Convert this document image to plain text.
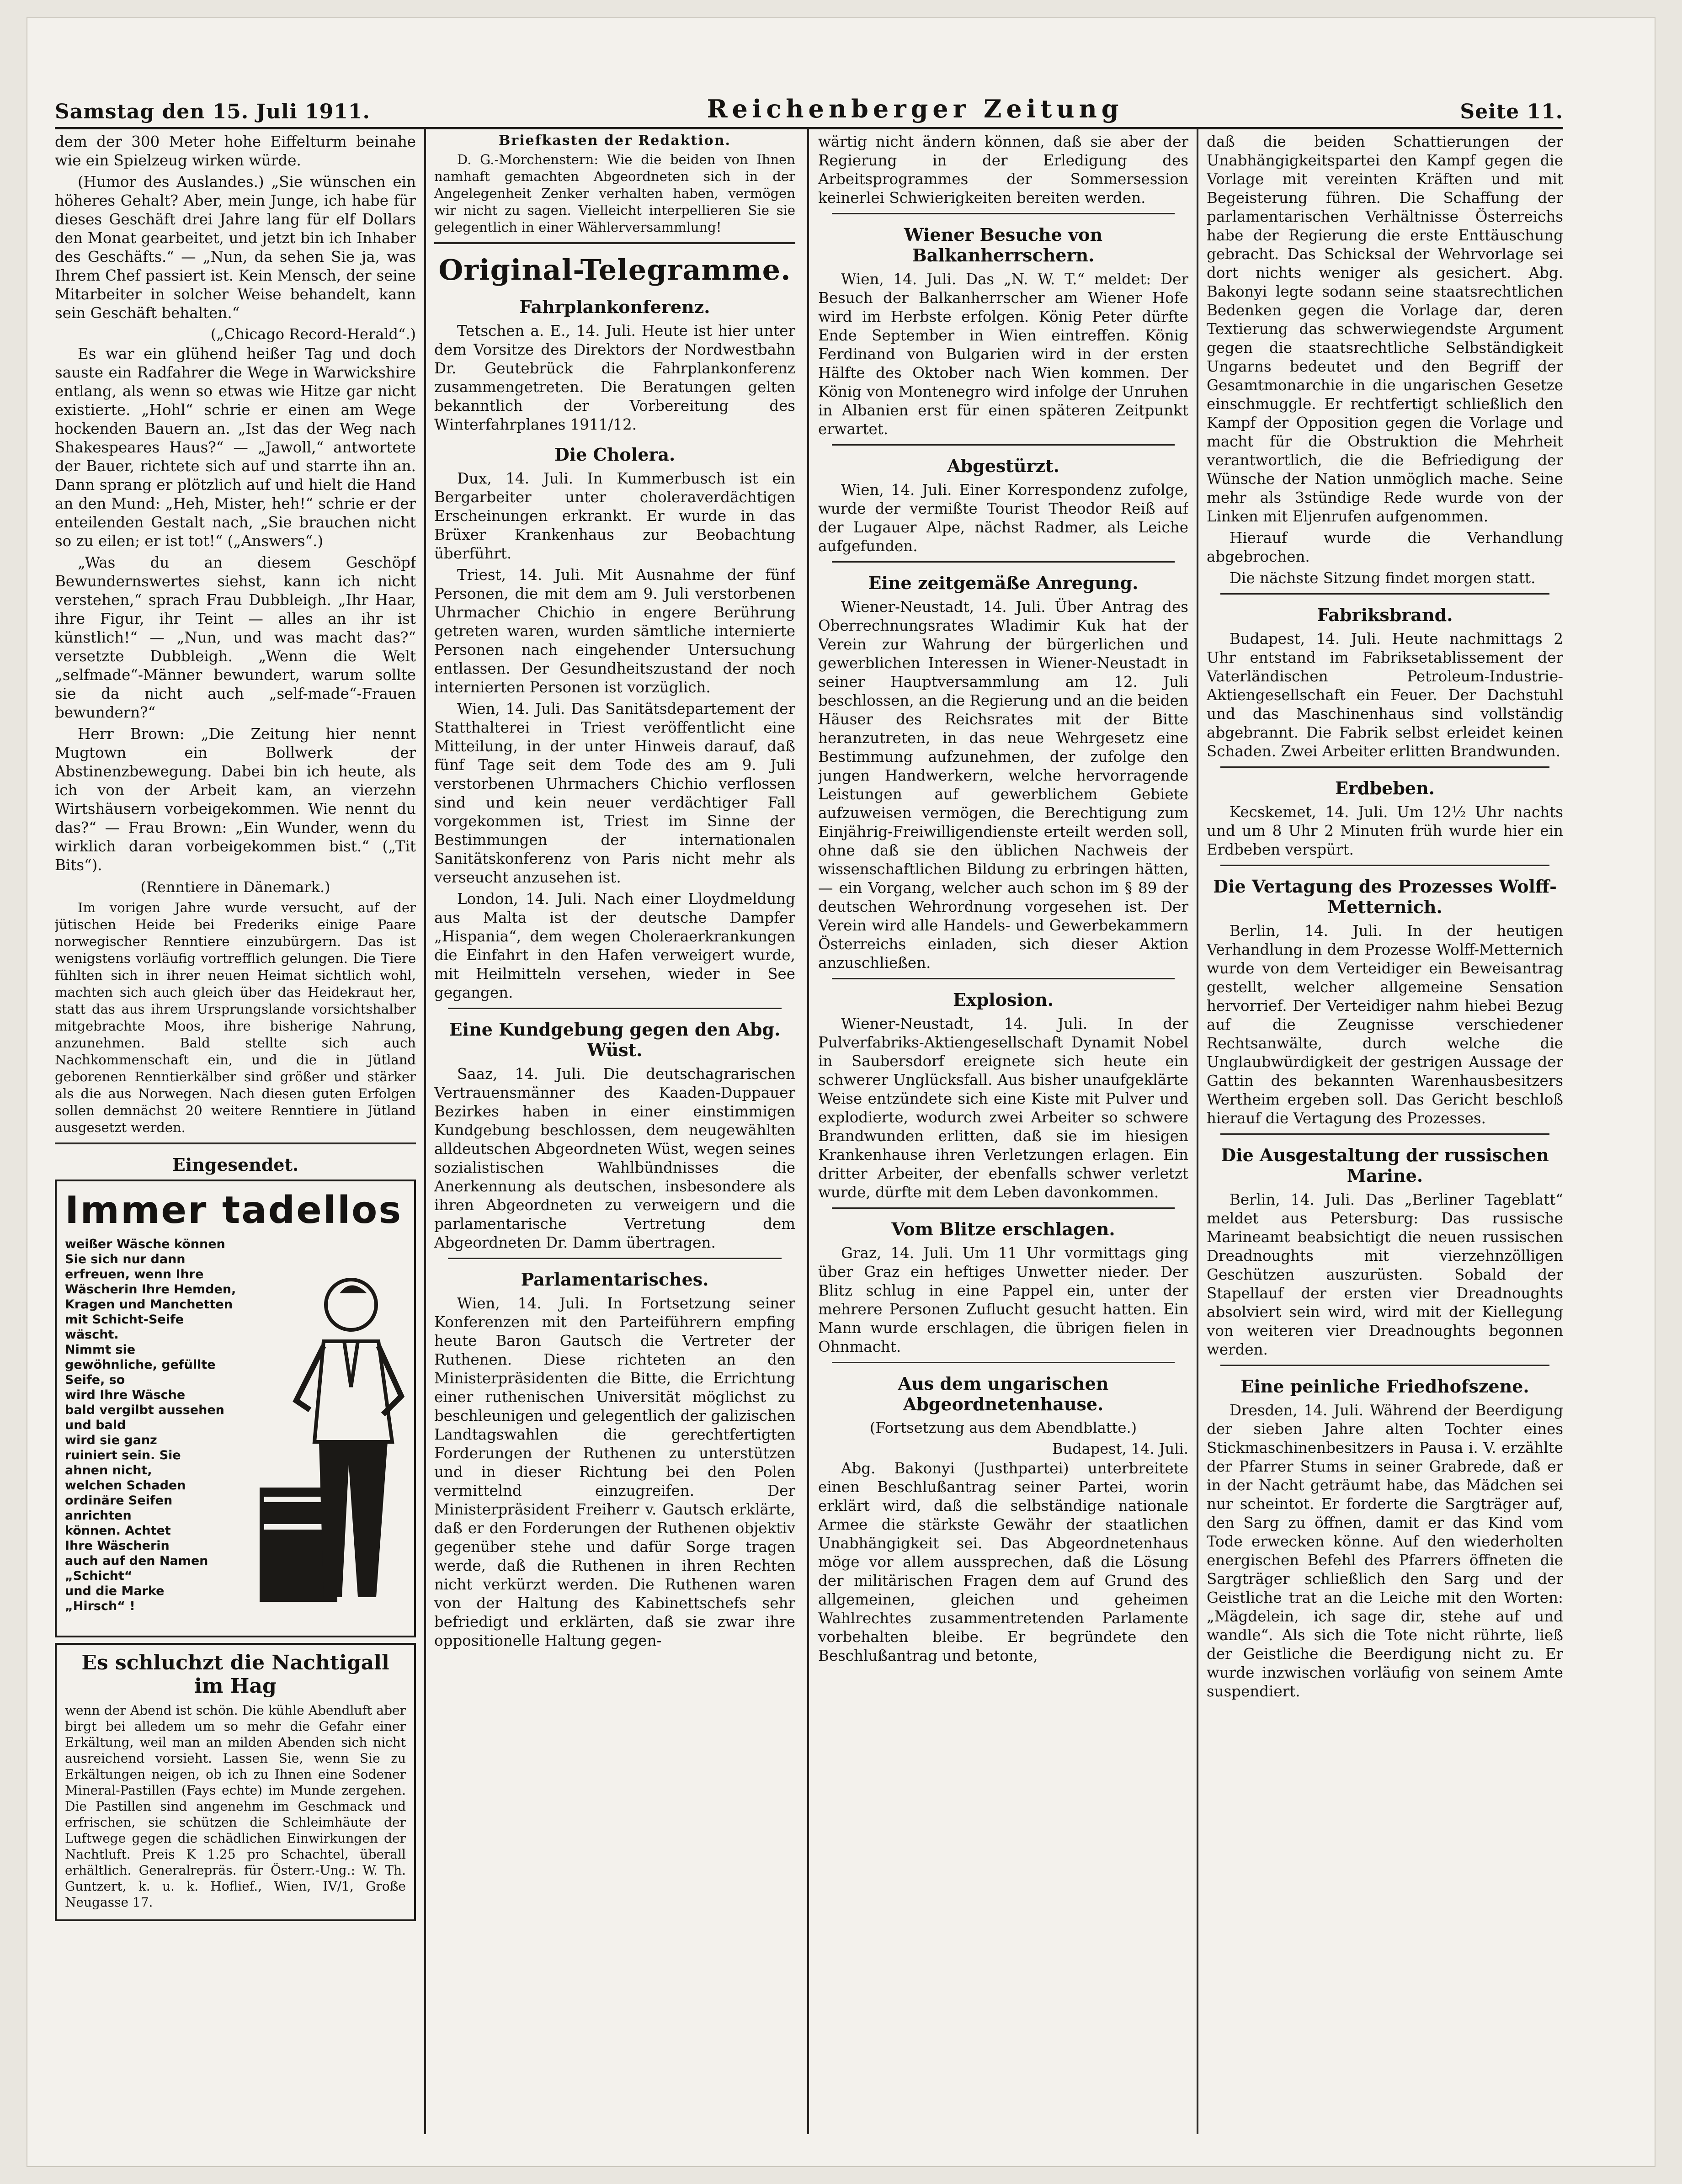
Samstag den 15. Juli 1911.	Reichenberger Zeitung	Seite 11.

dem der 300 Meter hohe Eiffelturm beinahe wie ein Spielzeug wirken würde.

(Humor des Auslandes.) „Sie wünschen ein höheres Gehalt? Aber, mein Junge, ich habe für dieses Geschäft drei Jahre lang für elf Dollars den Monat gearbeitet, und jetzt bin ich Inhaber des Geschäfts.“ — „Nun, da sehen Sie ja, was Ihrem Chef passiert ist. Kein Mensch, der seine Mitarbeiter in solcher Weise behandelt, kann sein Geschäft behalten.“

(„Chicago Record-Herald“.)

Es war ein glühend heißer Tag und doch sauste ein Radfahrer die Wege in Warwickshire entlang, als wenn so etwas wie Hitze gar nicht existierte. „Hohl“ schrie er einen am Wege hockenden Bauern an. „Ist das der Weg nach Shakespeares Haus?“ — „Jawoll,“ antwortete der Bauer, richtete sich auf und starrte ihn an. Dann sprang er plötzlich auf und hielt die Hand an den Mund: „Heh, Mister, heh!“ schrie er der enteilenden Gestalt nach, „Sie brauchen nicht so zu eilen; er ist tot!“ („Answers“.)

„Was du an diesem Geschöpf Bewundernswertes siehst, kann ich nicht verstehen,“ sprach Frau Dubbleigh. „Ihr Haar, ihre Figur, ihr Teint — alles an ihr ist künstlich!“ — „Nun, und was macht das?“ versetzte Dubbleigh. „Wenn die Welt „selfmade“-Männer bewundert, warum sollte sie da nicht auch „self-made“-Frauen bewundern?“

Herr Brown: „Die Zeitung hier nennt Mugtown ein Bollwerk der Abstinenzbewegung. Dabei bin ich heute, als ich von der Arbeit kam, an vierzehn Wirtshäusern vorbeigekommen. Wie nennt du das?“ — Frau Brown: „Ein Wunder, wenn du wirklich daran vorbeigekommen bist.“ („Tit Bits“).

(Renntiere in Dänemark.)

Im vorigen Jahre wurde versucht, auf der jütischen Heide bei Frederiks einige Paare norwegischer Renntiere einzubürgern. Das ist wenigstens vorläufig vortrefflich gelungen. Die Tiere fühlten sich in ihrer neuen Heimat sichtlich wohl, machten sich auch gleich über das Heidekraut her, statt das aus ihrem Ursprungslande vorsichtshalber mitgebrachte Moos, ihre bisherige Nahrung, anzunehmen. Bald stellte sich auch Nachkommenschaft ein, und die in Jütland geborenen Renntierkälber sind größer und stärker als die aus Norwegen. Nach diesen guten Erfolgen sollen demnächst 20 weitere Renntiere in Jütland ausgesetzt werden.

Eingesendet.
Immer tadellos
weißer Wäsche können Sie sich nur dann
erfreuen, wenn Ihre
Wäscherin Ihre Hemden,
Kragen und Manchetten
mit Schicht-Seife wäscht.
Nimmt sie
gewöhnliche, gefüllte Seife, so
wird Ihre Wäsche
bald vergilbt aussehen und bald
wird sie ganz
ruiniert sein. Sie
ahnen nicht,
welchen Schaden
ordinäre Seifen
anrichten
können. Achtet
Ihre Wäscherin
auch auf den Namen „Schicht“
und die Marke
„Hirsch“ !
Es schluchzt die Nachtigall im Hag

wenn der Abend ist schön. Die kühle Abendluft aber birgt bei alledem um so mehr die Gefahr einer Erkältung, weil man an milden Abenden sich nicht ausreichend vorsieht. Lassen Sie, wenn Sie zu Erkältungen neigen, ob ich zu Ihnen eine Sodener Mineral-Pastillen (Fays echte) im Munde zergehen. Die Pastillen sind angenehm im Geschmack und erfrischen, sie schützen die Schleimhäute der Luftwege gegen die schädlichen Einwirkungen der Nachtluft. Preis K 1.25 pro Schachtel, überall erhältlich. Generalrepräs. für Österr.-Ung.: W. Th. Guntzert, k. u. k. Hoflief., Wien, IV/1, Große Neugasse 17.

Briefkasten der Redaktion.

D. G.-Morchenstern: Wie die beiden von Ihnen namhaft gemachten Abgeordneten sich in der Angelegenheit Zenker verhalten haben, vermögen wir nicht zu sagen. Vielleicht interpellieren Sie sie gelegentlich in einer Wählerversammlung!

Original-Telegramme.
Fahrplankonferenz.

Tetschen a. E., 14. Juli. Heute ist hier unter dem Vorsitze des Direktors der Nordwestbahn Dr. Geutebrück die Fahrplankonferenz zusammengetreten. Die Beratungen gelten bekanntlich der Vorbereitung des Winterfahrplanes 1911/12.

Die Cholera.

Dux, 14. Juli. In Kummerbusch ist ein Bergarbeiter unter choleraverdächtigen Erscheinungen erkrankt. Er wurde in das Brüxer Krankenhaus zur Beobachtung überführt.

Triest, 14. Juli. Mit Ausnahme der fünf Personen, die mit dem am 9. Juli verstorbenen Uhrmacher Chichio in engere Berührung getreten waren, wurden sämtliche internierte Personen nach eingehender Untersuchung entlassen. Der Gesundheitszustand der noch internierten Personen ist vorzüglich.

Wien, 14. Juli. Das Sanitätsdepartement der Statthalterei in Triest veröffentlicht eine Mitteilung, in der unter Hinweis darauf, daß fünf Tage seit dem Tode des am 9. Juli verstorbenen Uhrmachers Chichio verflossen sind und kein neuer verdächtiger Fall vorgekommen ist, Triest im Sinne der Bestimmungen der internationalen Sanitätskonferenz von Paris nicht mehr als verseucht anzusehen ist.

London, 14. Juli. Nach einer Lloydmeldung aus Malta ist der deutsche Dampfer „Hispania“, dem wegen Choleraerkrankungen die Einfahrt in den Hafen verweigert wurde, mit Heilmitteln versehen, wieder in See gegangen.

Eine Kundgebung gegen den Abg. Wüst.

Saaz, 14. Juli. Die deutschagrarischen Vertrauensmänner des Kaaden-Duppauer Bezirkes haben in einer einstimmigen Kundgebung beschlossen, dem neugewählten alldeutschen Abgeordneten Wüst, wegen seines sozialistischen Wahlbündnisses die Anerkennung als deutschen, insbesondere als ihren Abgeordneten zu verweigern und die parlamentarische Vertretung dem Abgeordneten Dr. Damm übertragen.

Parlamentarisches.

Wien, 14. Juli. In Fortsetzung seiner Konferenzen mit den Parteiführern empfing heute Baron Gautsch die Vertreter der Ruthenen. Diese richteten an den Ministerpräsidenten die Bitte, die Errichtung einer ruthenischen Universität möglichst zu beschleunigen und gelegentlich der galizischen Landtagswahlen die gerechtfertigten Forderungen der Ruthenen zu unterstützen und in dieser Richtung bei den Polen vermittelnd einzugreifen. Der Ministerpräsident Freiherr v. Gautsch erklärte, daß er den Forderungen der Ruthenen objektiv gegenüber stehe und dafür Sorge tragen werde, daß die Ruthenen in ihren Rechten nicht verkürzt werden. Die Ruthenen waren von der Haltung des Kabinettschefs sehr befriedigt und erklärten, daß sie zwar ihre oppositionelle Haltung gegen-

wärtig nicht ändern können, daß sie aber der Regierung in der Erledigung des Arbeitsprogrammes der Sommersession keinerlei Schwierigkeiten bereiten werden.

Wiener Besuche von Balkanherrschern.

Wien, 14. Juli. Das „N. W. T.“ meldet: Der Besuch der Balkanherrscher am Wiener Hofe wird im Herbste erfolgen. König Peter dürfte Ende September in Wien eintreffen. König Ferdinand von Bulgarien wird in der ersten Hälfte des Oktober nach Wien kommen. Der König von Montenegro wird infolge der Unruhen in Albanien erst für einen späteren Zeitpunkt erwartet.

Abgestürzt.

Wien, 14. Juli. Einer Korrespondenz zufolge, wurde der vermißte Tourist Theodor Reiß auf der Lugauer Alpe, nächst Radmer, als Leiche aufgefunden.

Eine zeitgemäße Anregung.

Wiener-Neustadt, 14. Juli. Über Antrag des Oberrechnungsrates Wladimir Kuk hat der Verein zur Wahrung der bürgerlichen und gewerblichen Interessen in Wiener-Neustadt in seiner Hauptversammlung am 12. Juli beschlossen, an die Regierung und an die beiden Häuser des Reichsrates mit der Bitte heranzutreten, in das neue Wehrgesetz eine Bestimmung aufzunehmen, der zufolge den jungen Handwerkern, welche hervorragende Leistungen auf gewerblichem Gebiete aufzuweisen vermögen, die Berechtigung zum Einjährig-Freiwilligendienste erteilt werden soll, ohne daß sie den üblichen Nachweis der wissenschaftlichen Bildung zu erbringen hätten, — ein Vorgang, welcher auch schon im § 89 der deutschen Wehrordnung vorgesehen ist. Der Verein wird alle Handels- und Gewerbekammern Österreichs einladen, sich dieser Aktion anzuschließen.

Explosion.

Wiener-Neustadt, 14. Juli. In der Pulverfabriks-Aktiengesellschaft Dynamit Nobel in Saubersdorf ereignete sich heute ein schwerer Unglücksfall. Aus bisher unaufgeklärte Weise entzündete sich eine Kiste mit Pulver und explodierte, wodurch zwei Arbeiter so schwere Brandwunden erlitten, daß sie im hiesigen Krankenhause ihren Verletzungen erlagen. Ein dritter Arbeiter, der ebenfalls schwer verletzt wurde, dürfte mit dem Leben davonkommen.

Vom Blitze erschlagen.

Graz, 14. Juli. Um 11 Uhr vormittags ging über Graz ein heftiges Unwetter nieder. Der Blitz schlug in eine Pappel ein, unter der mehrere Personen Zuflucht gesucht hatten. Ein Mann wurde erschlagen, die übrigen fielen in Ohnmacht.

Aus dem ungarischen Abgeordnetenhause.
(Fortsetzung aus dem Abendblatte.)
Budapest, 14. Juli.

Abg. Bakonyi (Justhpartei) unterbreitete einen Beschlußantrag seiner Partei, worin erklärt wird, daß die selbständige nationale Armee die stärkste Gewähr der staatlichen Unabhängigkeit sei. Das Abgeordnetenhaus möge vor allem aussprechen, daß die Lösung der militärischen Fragen dem auf Grund des allgemeinen, gleichen und geheimen Wahlrechtes zusammentretenden Parlamente vorbehalten bleibe. Er begründete den Beschlußantrag und betonte,

daß die beiden Schattierungen der Unabhängigkeitspartei den Kampf gegen die Vorlage mit vereinten Kräften und mit Begeisterung führen. Die Schaffung der parlamentarischen Verhältnisse Österreichs habe der Regierung die erste Enttäuschung gebracht. Das Schicksal der Wehrvorlage sei dort nichts weniger als gesichert. Abg. Bakonyi legte sodann seine staatsrechtlichen Bedenken gegen die Vorlage dar, deren Textierung das schwerwiegendste Argument gegen die staatsrechtliche Selbständigkeit Ungarns bedeutet und den Begriff der Gesamtmonarchie in die ungarischen Gesetze einschmuggle. Er rechtfertigt schließlich den Kampf der Opposition gegen die Vorlage und macht für die Obstruktion die Mehrheit verantwortlich, die die Befriedigung der Wünsche der Nation unmöglich mache. Seine mehr als 3stündige Rede wurde von der Linken mit Eljenrufen aufgenommen.

Hierauf wurde die Verhandlung abgebrochen.

Die nächste Sitzung findet morgen statt.

Fabriksbrand.

Budapest, 14. Juli. Heute nachmittags 2 Uhr entstand im Fabriksetablissement der Vaterländischen Petroleum-Industrie-Aktiengesellschaft ein Feuer. Der Dachstuhl und das Maschinenhaus sind vollständig abgebrannt. Die Fabrik selbst erleidet keinen Schaden. Zwei Arbeiter erlitten Brandwunden.

Erdbeben.

Kecskemet, 14. Juli. Um 12½ Uhr nachts und um 8 Uhr 2 Minuten früh wurde hier ein Erdbeben verspürt.

Die Vertagung des Prozesses Wolff-Metternich.

Berlin, 14. Juli. In der heutigen Verhandlung in dem Prozesse Wolff-Metternich wurde von dem Verteidiger ein Beweisantrag gestellt, welcher allgemeine Sensation hervorrief. Der Verteidiger nahm hiebei Bezug auf die Zeugnisse verschiedener Rechtsanwälte, durch welche die Unglaubwürdigkeit der gestrigen Aussage der Gattin des bekannten Warenhausbesitzers Wertheim ergeben soll. Das Gericht beschloß hierauf die Vertagung des Prozesses.

Die Ausgestaltung der russischen Marine.

Berlin, 14. Juli. Das „Berliner Tageblatt“ meldet aus Petersburg: Das russische Marineamt beabsichtigt die neuen russischen Dreadnoughts mit vierzehnzölligen Geschützen auszurüsten. Sobald der Stapellauf der ersten vier Dreadnoughts absolviert sein wird, wird mit der Kiellegung von weiteren vier Dreadnoughts begonnen werden.

Eine peinliche Friedhofszene.

Dresden, 14. Juli. Während der Beerdigung der sieben Jahre alten Tochter eines Stickmaschinenbesitzers in Pausa i. V. erzählte der Pfarrer Stums in seiner Grabrede, daß er in der Nacht geträumt habe, das Mädchen sei nur scheintot. Er forderte die Sargträger auf, den Sarg zu öffnen, damit er das Kind vom Tode erwecken könne. Auf den wiederholten energischen Befehl des Pfarrers öffneten die Sargträger schließlich den Sarg und der Geistliche trat an die Leiche mit den Worten: „Mägdelein, ich sage dir, stehe auf und wandle“. Als sich die Tote nicht rührte, ließ der Geistliche die Beerdigung nicht zu. Er wurde inzwischen vorläufig von seinem Amte suspendiert.
